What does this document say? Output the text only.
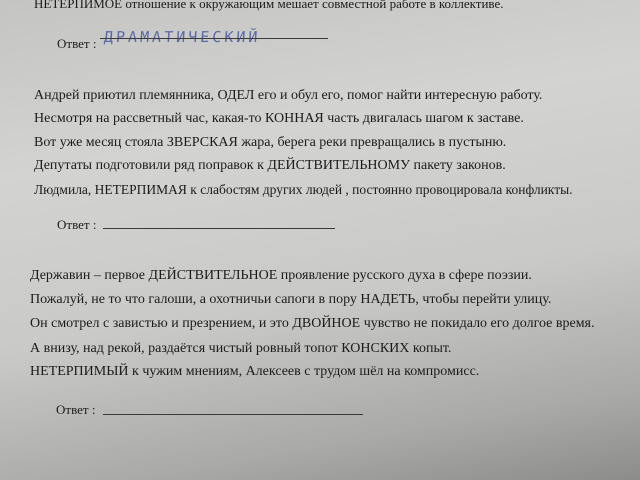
НЕТЕРПИМОЕ отношение к окружающим мешает совместной работе в коллективе.
Ответ : ДРАМАТИЧЕСКИЙ
Андрей приютил племянника, ОДЕЛ его и обул его, помог найти интересную работу.
Несмотря на рассветный час, какая-то КОННАЯ часть двигалась шагом к заставе.
Вот уже месяц стояла ЗВЕРСКАЯ жара, берега реки превращались в пустыню.
Депутаты подготовили ряд поправок к ДЕЙСТВИТЕЛЬНОМУ пакету законов.
Людмила, НЕТЕРПИМАЯ к слабостям других людей , постоянно провоцировала конфликты.
Ответ :
Державин – первое ДЕЙСТВИТЕЛЬНОЕ проявление русского духа в сфере поэзии.
Пожалуй, не то что галоши, а охотничьи сапоги в пору НАДЕТЬ, чтобы перейти улицу.
Он смотрел с завистью и презрением, и это ДВОЙНОЕ чувство не покидало его долгое время.
А внизу, над рекой, раздаётся чистый ровный топот КОНСКИХ копыт.
НЕТЕРПИМЫЙ к чужим мнениям, Алексеев с трудом шёл на компромисс.
Ответ :
